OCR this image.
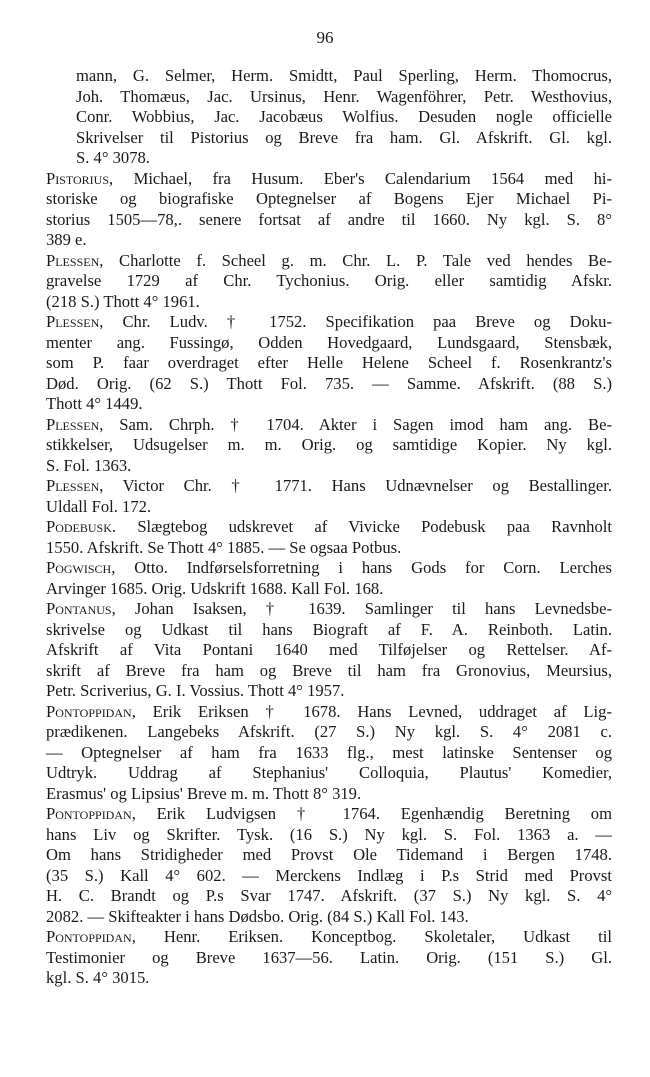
96
mann, G. Selmer, Herm. Smidtt, Paul Sperling, Herm. Thomocrus,
Joh. Thomæus, Jac. Ursinus, Henr. Wagenföhrer, Petr. Westhovius,
Conr. Wobbius, Jac. Jacobæus Wolfius. Desuden nogle officielle
Skrivelser til Pistorius og Breve fra ham. Gl. Afskrift. Gl. kgl.
S. 4° 3078.
Pistorius, Michael, fra Husum. Eber's Calendarium 1564 med hi-
storiske og biografiske Optegnelser af Bogens Ejer Michael Pi-
storius 1505—78,. senere fortsat af andre til 1660. Ny kgl. S. 8°
389 e.
Plessen, Charlotte f. Scheel g. m. Chr. L. P. Tale ved hendes Be-
gravelse 1729 af Chr. Tychonius. Orig. eller samtidig Afskr.
(218 S.) Thott 4° 1961.
Plessen, Chr. Ludv. † 1752. Specifikation paa Breve og Doku-
menter ang. Fussingø, Odden Hovedgaard, Lundsgaard, Stensbæk,
som P. faar overdraget efter Helle Helene Scheel f. Rosenkrantz's
Død. Orig. (62 S.) Thott Fol. 735. — Samme. Afskrift. (88 S.)
Thott 4° 1449.
Plessen, Sam. Chrph. † 1704. Akter i Sagen imod ham ang. Be-
stikkelser, Udsugelser m. m. Orig. og samtidige Kopier. Ny kgl.
S. Fol. 1363.
Plessen, Victor Chr. † 1771. Hans Udnævnelser og Bestallinger.
Uldall Fol. 172.
Podebusk. Slægtebog udskrevet af Vivicke Podebusk paa Ravnholt
1550. Afskrift. Se Thott 4° 1885. — Se ogsaa Potbus.
Pogwisch, Otto. Indførselsforretning i hans Gods for Corn. Lerches
Arvinger 1685. Orig. Udskrift 1688. Kall Fol. 168.
Pontanus, Johan Isaksen, † 1639. Samlinger til hans Levnedsbe-
skrivelse og Udkast til hans Biograft af F. A. Reinboth. Latin.
Afskrift af Vita Pontani 1640 med Tilføjelser og Rettelser. Af-
skrift af Breve fra ham og Breve til ham fra Gronovius, Meursius,
Petr. Scriverius, G. I. Vossius. Thott 4° 1957.
Pontoppidan, Erik Eriksen † 1678. Hans Levned, uddraget af Lig-
prædikenen. Langebeks Afskrift. (27 S.) Ny kgl. S. 4° 2081 c.
— Optegnelser af ham fra 1633 flg., mest latinske Sentenser og
Udtryk. Uddrag af Stephanius' Colloquia, Plautus' Komedier,
Erasmus' og Lipsius' Breve m. m. Thott 8° 319.
Pontoppidan, Erik Ludvigsen † 1764. Egenhændig Beretning om
hans Liv og Skrifter. Tysk. (16 S.) Ny kgl. S. Fol. 1363 a. —
Om hans Stridigheder med Provst Ole Tidemand i Bergen 1748.
(35 S.) Kall 4° 602. — Merckens Indlæg i P.s Strid med Provst
H. C. Brandt og P.s Svar 1747. Afskrift. (37 S.) Ny kgl. S. 4°
2082. — Skifteakter i hans Dødsbo. Orig. (84 S.) Kall Fol. 143.
Pontoppidan, Henr. Eriksen. Konceptbog. Skoletaler, Udkast til
Testimonier og Breve 1637—56. Latin. Orig. (151 S.) Gl.
kgl. S. 4° 3015.
